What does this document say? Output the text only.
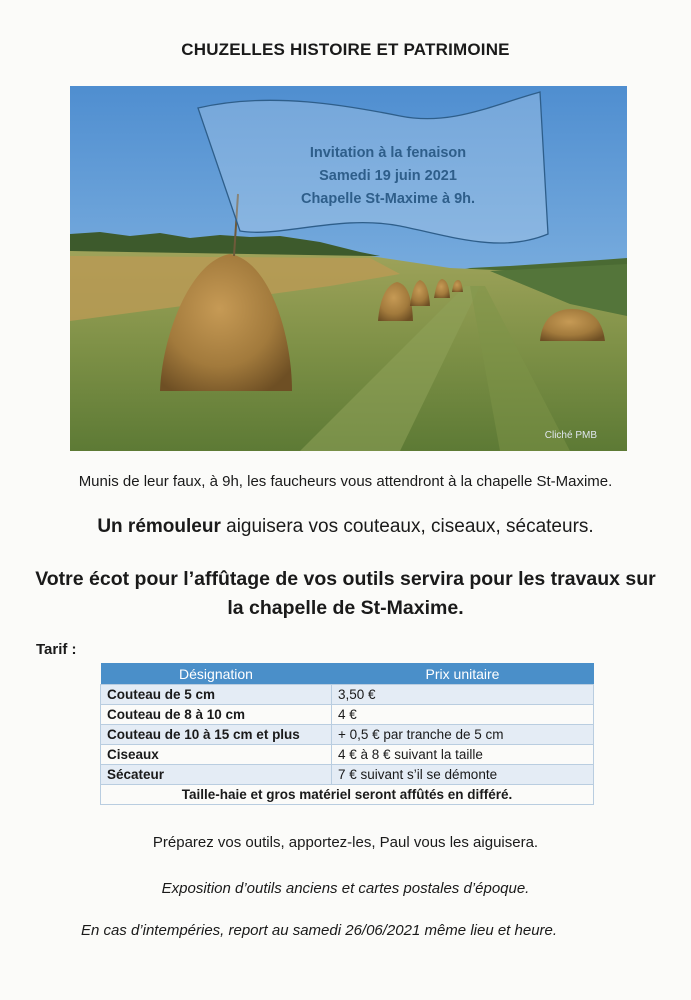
CHUZELLES HISTOIRE ET PATRIMOINE
Invitation à la fenaison
Samedi 19 juin 2021
Chapelle St-Maxime à 9h.
Cliché PMB
Munis de leur faux, à 9h, les faucheurs vous attendront à la chapelle St-Maxime.
Un rémouleur aiguisera vos couteaux, ciseaux, sécateurs.
Votre écot pour l’affûtage de vos outils servira pour les travaux sur la chapelle de St-Maxime.
Tarif :
Désignation	Prix unitaire
Couteau de 5 cm	3,50 €
Couteau de 8 à 10 cm	4 €
Couteau de 10 à 15 cm et plus	+ 0,5 € par tranche de 5 cm
Ciseaux	4 € à 8 € suivant la taille
Sécateur	7 € suivant s’il se démonte
Taille-haie et gros matériel seront affûtés en différé.	
Préparez vos outils, apportez-les, Paul vous les aiguisera.
Exposition d’outils anciens et cartes postales d’époque.
En cas d’intempéries, report au samedi 26/06/2021 même lieu et heure.
